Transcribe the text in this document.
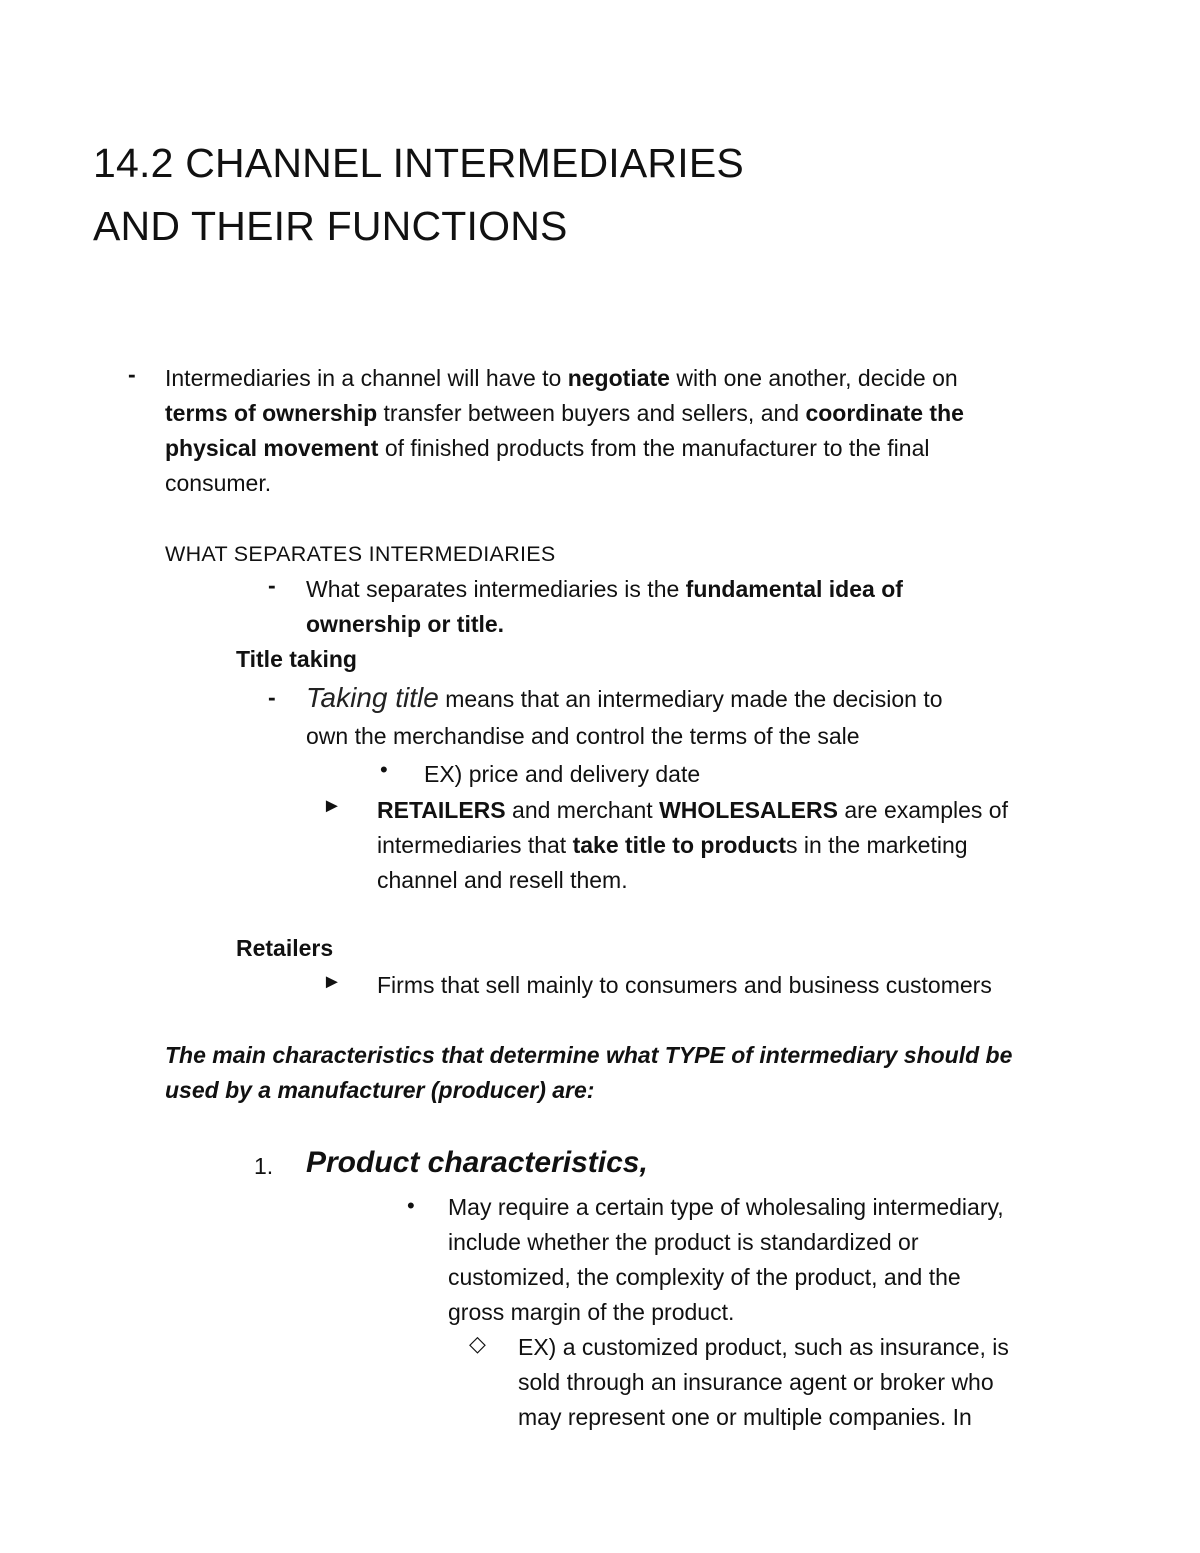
14.2 CHANNEL INTERMEDIARIES
AND THEIR FUNCTIONS
- Intermediaries in a channel will have to negotiate with one another, decide on
terms of ownership transfer between buyers and sellers, and coordinate the
physical movement of finished products from the manufacturer to the final
consumer.
WHAT SEPARATES INTERMEDIARIES
- What separates intermediaries is the fundamental idea of
ownership or title.
Title taking
- Taking title means that an intermediary made the decision to
own the merchandise and control the terms of the sale
• EX) price and delivery date
► RETAILERS and merchant WHOLESALERS are examples of
intermediaries that take title to products in the marketing
channel and resell them.
Retailers
► Firms that sell mainly to consumers and business customers
The main characteristics that determine what TYPE of intermediary should be
used by a manufacturer (producer) are:
1. Product characteristics,
• May require a certain type of wholesaling intermediary,
include whether the product is standardized or
customized, the complexity of the product, and the
gross margin of the product.
◇ EX) a customized product, such as insurance, is
sold through an insurance agent or broker who
may represent one or multiple companies. In
